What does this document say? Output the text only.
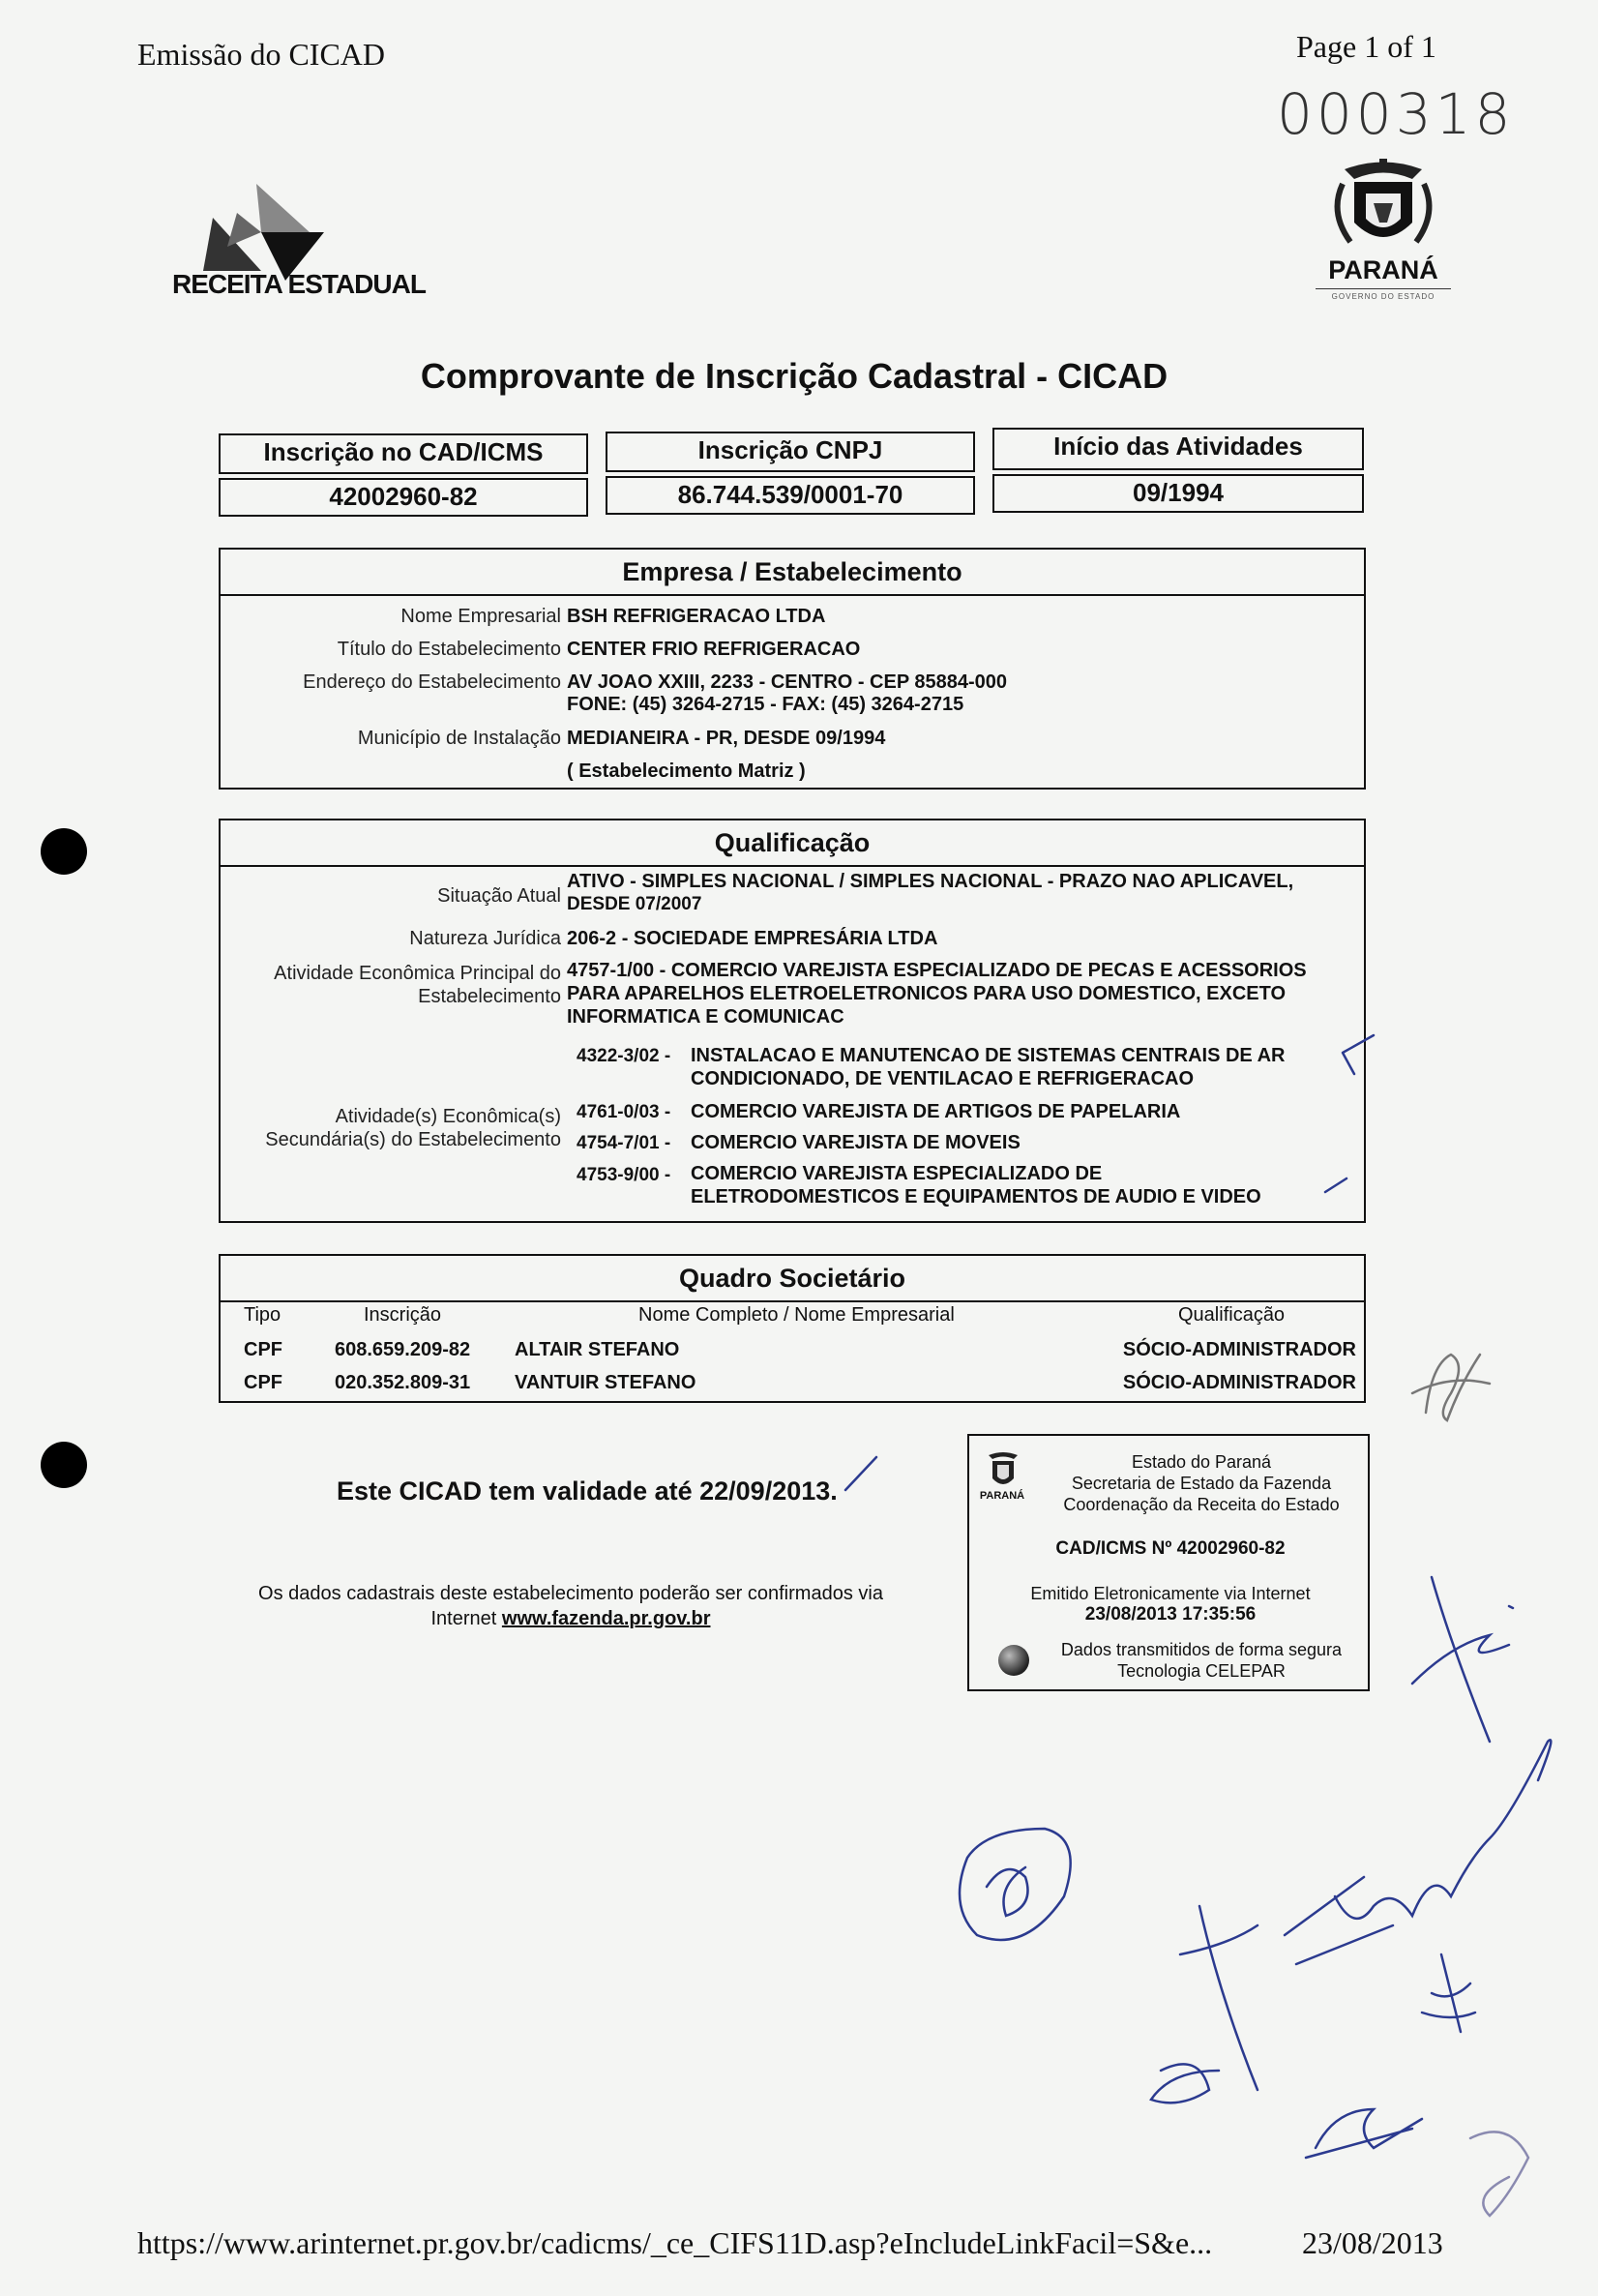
Emissão do CICAD	Page 1 of 1
000318
RECEITA ESTADUAL	PARANÁ
GOVERNO DO ESTADO
Comprovante de Inscrição Cadastral - CICAD
Inscrição no CAD/ICMS
42002960-82
Inscrição CNPJ
86.744.539/0001-70
Início das Atividades
09/1994
Empresa / Estabelecimento
Nome Empresarial BSH REFRIGERACAO LTDA
Título do Estabelecimento CENTER FRIO REFRIGERACAO
Endereço do Estabelecimento AV JOAO XXIII, 2233 - CENTRO - CEP 85884-000
FONE: (45) 3264-2715 - FAX: (45) 3264-2715
Município de Instalação MEDIANEIRA - PR, DESDE 09/1994
( Estabelecimento Matriz )
Qualificação
Situação Atual
ATIVO - SIMPLES NACIONAL / SIMPLES NACIONAL - PRAZO NAO APLICAVEL,
DESDE 07/2007
Natureza Jurídica 206-2 - SOCIEDADE EMPRESÁRIA LTDA
Atividade Econômica Principal do
Estabelecimento
4757-1/00 - COMERCIO VAREJISTA ESPECIALIZADO DE PECAS E ACESSORIOS
PARA APARELHOS ELETROELETRONICOS PARA USO DOMESTICO, EXCETO
INFORMATICA E COMUNICAC
Atividade(s) Econômica(s)
Secundária(s) do Estabelecimento
4322-3/02 - INSTALACAO E MANUTENCAO DE SISTEMAS CENTRAIS DE AR
CONDICIONADO, DE VENTILACAO E REFRIGERACAO
4761-0/03 - COMERCIO VAREJISTA DE ARTIGOS DE PAPELARIA
4754-7/01 - COMERCIO VAREJISTA DE MOVEIS
4753-9/00 - COMERCIO VAREJISTA ESPECIALIZADO DE
ELETRODOMESTICOS E EQUIPAMENTOS DE AUDIO E VIDEO
Quadro Societário
Tipo	Inscrição	Nome Completo / Nome Empresarial	Qualificação
CPF	608.659.209-82 ALTAIR STEFANO	SÓCIO-ADMINISTRADOR
CPF	020.352.809-31 VANTUIR STEFANO	SÓCIO-ADMINISTRADOR
Este CICAD tem validade até 22/09/2013.
Os dados cadastrais deste estabelecimento poderão ser confirmados via Internet www.fazenda.pr.gov.br
PARANÁ
Estado do Paraná
Secretaria de Estado da Fazenda
Coordenação da Receita do Estado
CAD/ICMS Nº 42002960-82
Emitido Eletronicamente via Internet
23/08/2013 17:35:56
Dados transmitidos de forma segura
Tecnologia CELEPAR
https://www.arinternet.pr.gov.br/cadicms/_ce_CIFS11D.asp?eIncludeLinkFacil=S&e...	23/08/2013
